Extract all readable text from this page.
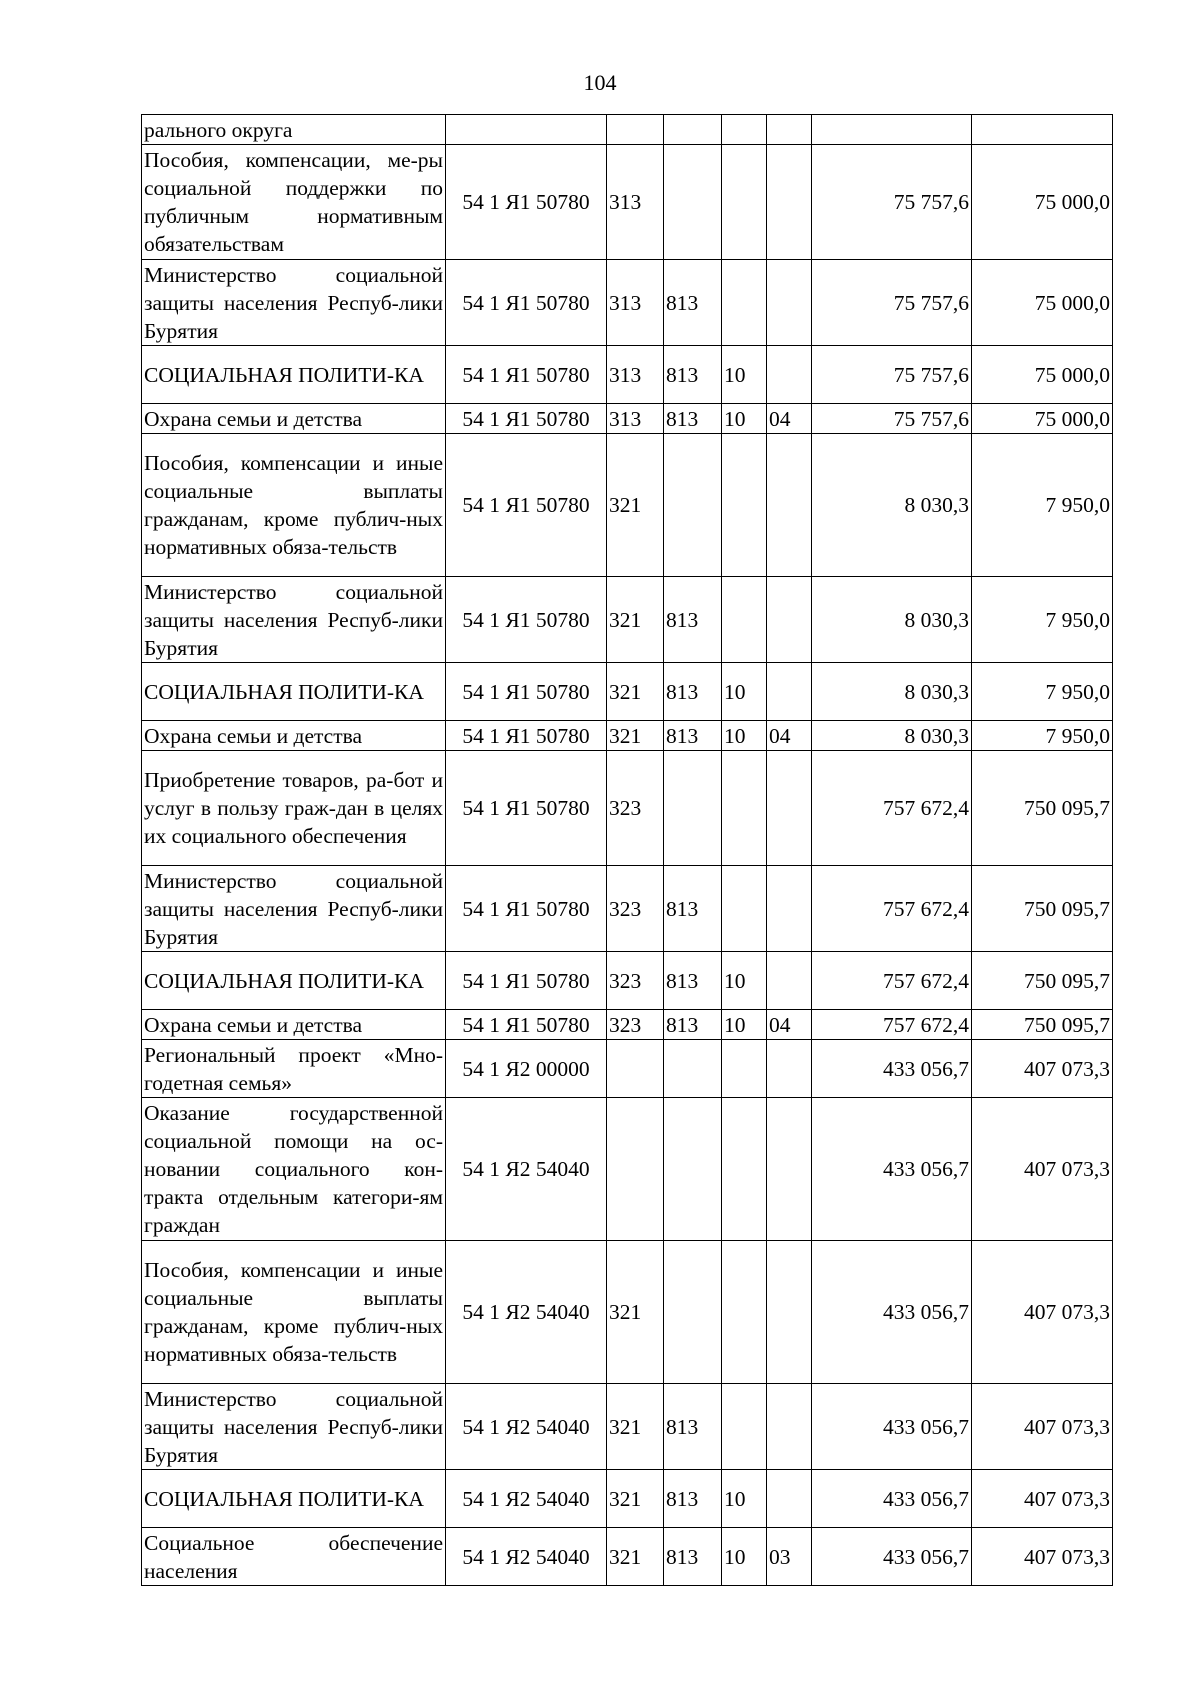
104
рального округа							
Пособия, компенсации, ме-ры социальной поддержки по публичным нормативным обязательствам	54 1 Я1 50780	313				75 757,6	75 000,0
Министерство социальной защиты населения Респуб-лики Бурятия	54 1 Я1 50780	313	813			75 757,6	75 000,0
СОЦИАЛЬНАЯ ПОЛИТИ-КА	54 1 Я1 50780	313	813	10		75 757,6	75 000,0
Охрана семьи и детства	54 1 Я1 50780	313	813	10	04	75 757,6	75 000,0
Пособия, компенсации и иные социальные выплаты гражданам, кроме публич-ных нормативных обяза-тельств	54 1 Я1 50780	321				8 030,3	7 950,0
Министерство социальной защиты населения Респуб-лики Бурятия	54 1 Я1 50780	321	813			8 030,3	7 950,0
СОЦИАЛЬНАЯ ПОЛИТИ-КА	54 1 Я1 50780	321	813	10		8 030,3	7 950,0
Охрана семьи и детства	54 1 Я1 50780	321	813	10	04	8 030,3	7 950,0
Приобретение товаров, ра-бот и услуг в пользу граж-дан в целях их социального обеспечения	54 1 Я1 50780	323				757 672,4	750 095,7
Министерство социальной защиты населения Респуб-лики Бурятия	54 1 Я1 50780	323	813			757 672,4	750 095,7
СОЦИАЛЬНАЯ ПОЛИТИ-КА	54 1 Я1 50780	323	813	10		757 672,4	750 095,7
Охрана семьи и детства	54 1 Я1 50780	323	813	10	04	757 672,4	750 095,7
Региональный проект «Мно-годетная семья»	54 1 Я2 00000					433 056,7	407 073,3
Оказание государственной социальной помощи на ос-новании социального кон-тракта отдельным категори-ям граждан	54 1 Я2 54040					433 056,7	407 073,3
Пособия, компенсации и иные социальные выплаты гражданам, кроме публич-ных нормативных обяза-тельств	54 1 Я2 54040	321				433 056,7	407 073,3
Министерство социальной защиты населения Респуб-лики Бурятия	54 1 Я2 54040	321	813			433 056,7	407 073,3
СОЦИАЛЬНАЯ ПОЛИТИ-КА	54 1 Я2 54040	321	813	10		433 056,7	407 073,3
Социальное обеспечение населения	54 1 Я2 54040	321	813	10	03	433 056,7	407 073,3
